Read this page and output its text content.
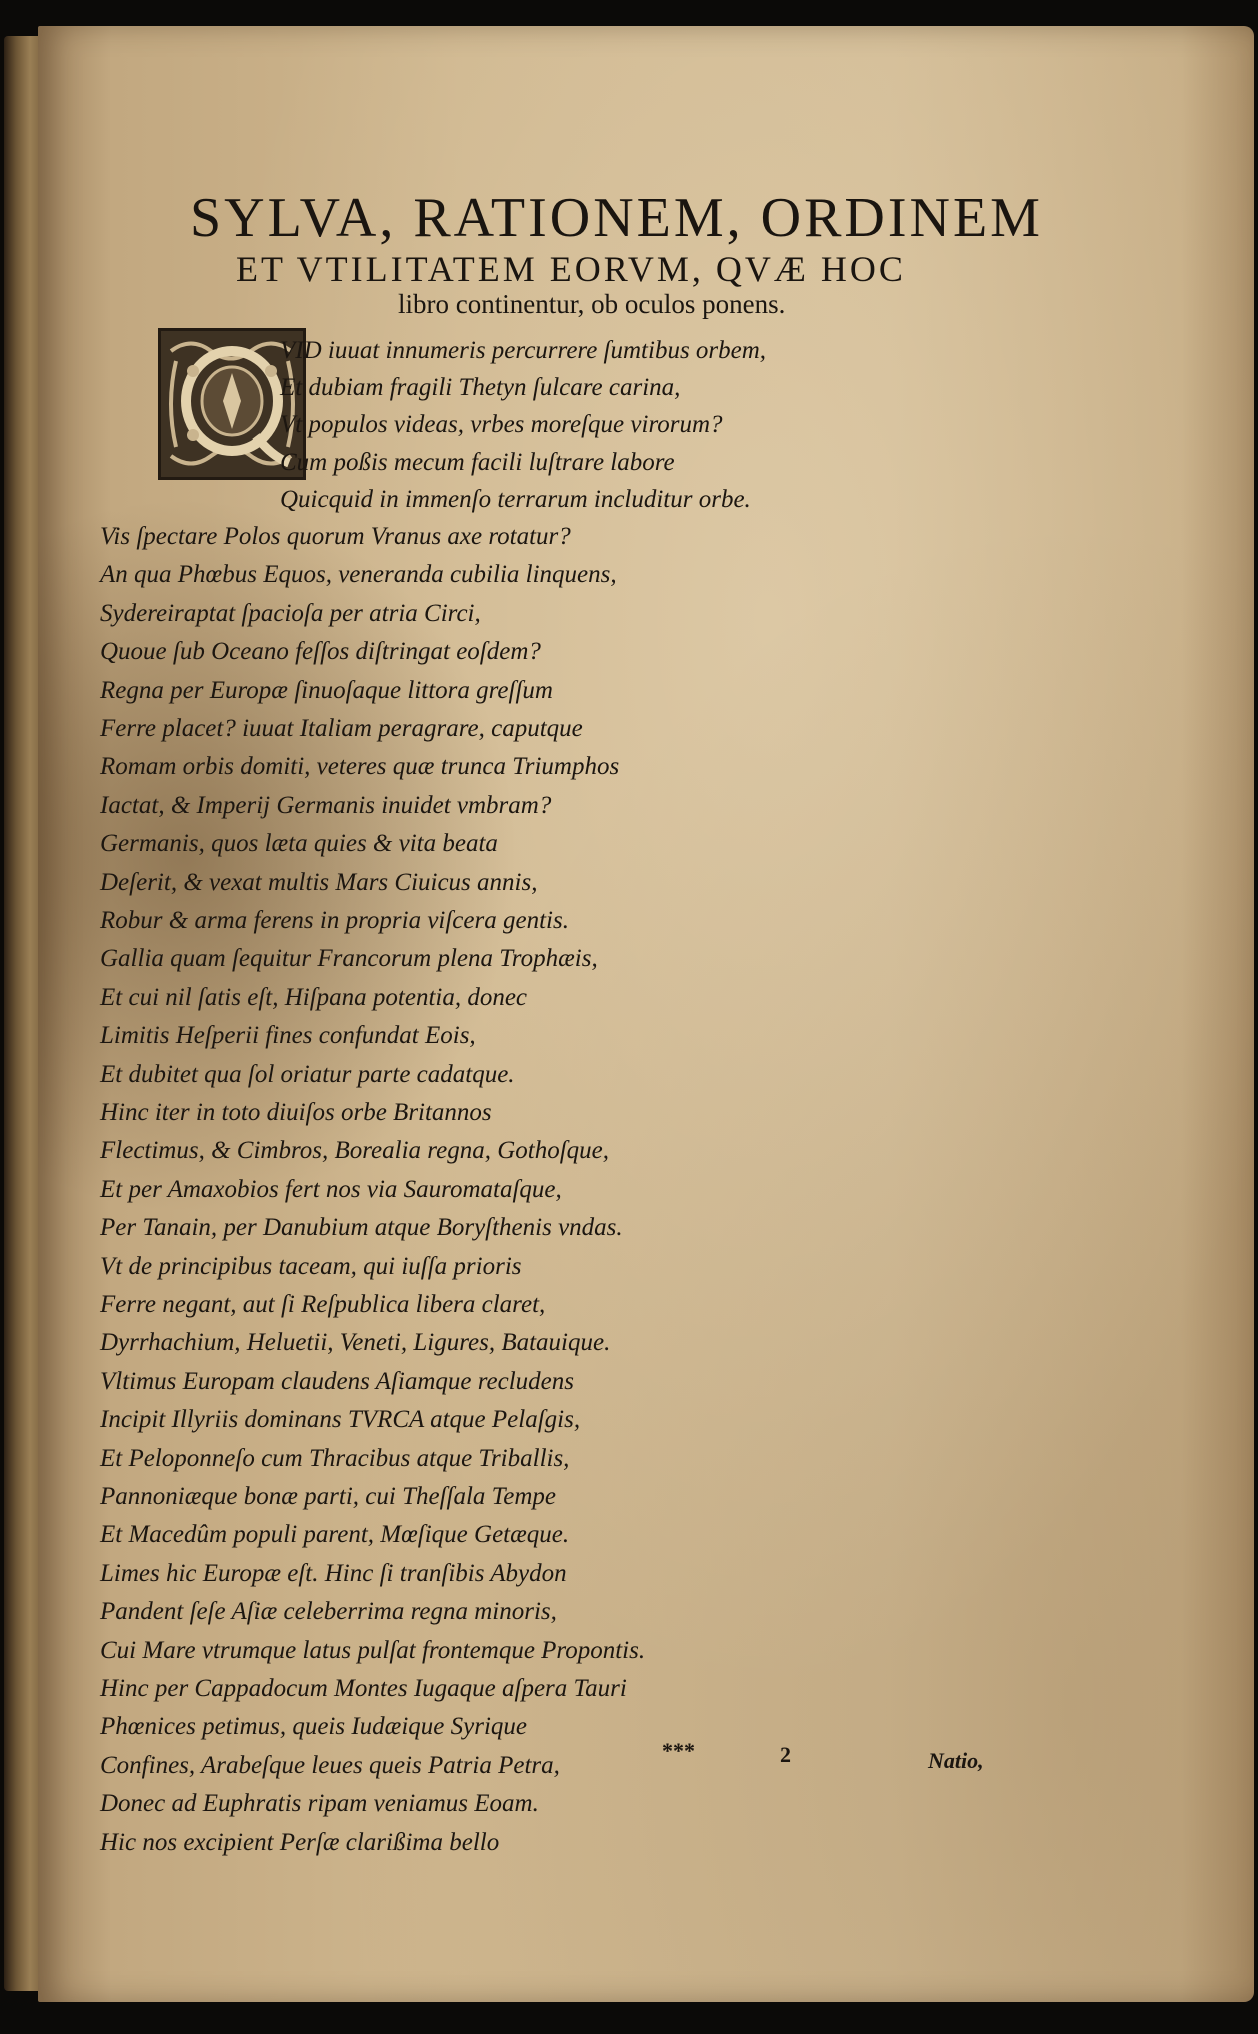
SYLVA, RATIONEM, ORDINEM
ET VTILITATEM EORVM, QVÆ HOC
libro continentur, ob oculos ponens.
VID iuuat innumeris percurrere ſumtibus orbem,
Et dubiam fragili Thetyn ſulcare carina,
Vt populos videas, vrbes moreſque virorum?
Cum poßis mecum facili luſtrare labore
Quicquid in immenſo terrarum includitur orbe.
Vis ſpectare Polos quorum Vranus axe rotatur?
An qua Phœbus Equos, veneranda cubilia linquens,
Sydereiraptat ſpacioſa per atria Circi,
Quoue ſub Oceano feſſos diſtringat eoſdem?
Regna per Europæ ſinuoſaque littora greſſum
Ferre placet? iuuat Italiam peragrare, caputque
Romam orbis domiti, veteres quæ trunca Triumphos
Iactat, & Imperij Germanis inuidet vmbram?
Germanis, quos læta quies & vita beata
Deſerit, & vexat multis Mars Ciuicus annis,
Robur & arma ferens in propria viſcera gentis.
Gallia quam ſequitur Francorum plena Trophæis,
Et cui nil ſatis eſt, Hiſpana potentia, donec
Limitis Heſperii fines confundat Eois,
Et dubitet qua ſol oriatur parte cadatque.
Hinc iter in toto diuiſos orbe Britannos
Flectimus, & Cimbros, Borealia regna, Gothoſque,
Et per Amaxobios fert nos via Sauromataſque,
Per Tanain, per Danubium atque Boryſthenis vndas.
Vt de principibus taceam, qui iuſſa prioris
Ferre negant, aut ſi Reſpublica libera claret,
Dyrrhachium, Heluetii, Veneti, Ligures, Batauique.
Vltimus Europam claudens Aſiamque recludens
Incipit Illyriis dominans TVRCA atque Pelaſgis,
Et Peloponneſo cum Thracibus atque Triballis,
Pannoniæque bonæ parti, cui Theſſala Tempe
Et Macedûm populi parent, Mœſique Getæque.
Limes hic Europæ eſt. Hinc ſi tranſibis Abydon
Pandent ſeſe Aſiæ celeberrima regna minoris,
Cui Mare vtrumque latus pulſat frontemque Propontis.
Hinc per Cappadocum Montes Iugaque aſpera Tauri
Phœnices petimus, queis Iudæique Syrique
Confines, Arabeſque leues queis Patria Petra,
Donec ad Euphratis ripam veniamus Eoam.
Hic nos excipient Perſæ clarißima bello
***	2	Natio,
